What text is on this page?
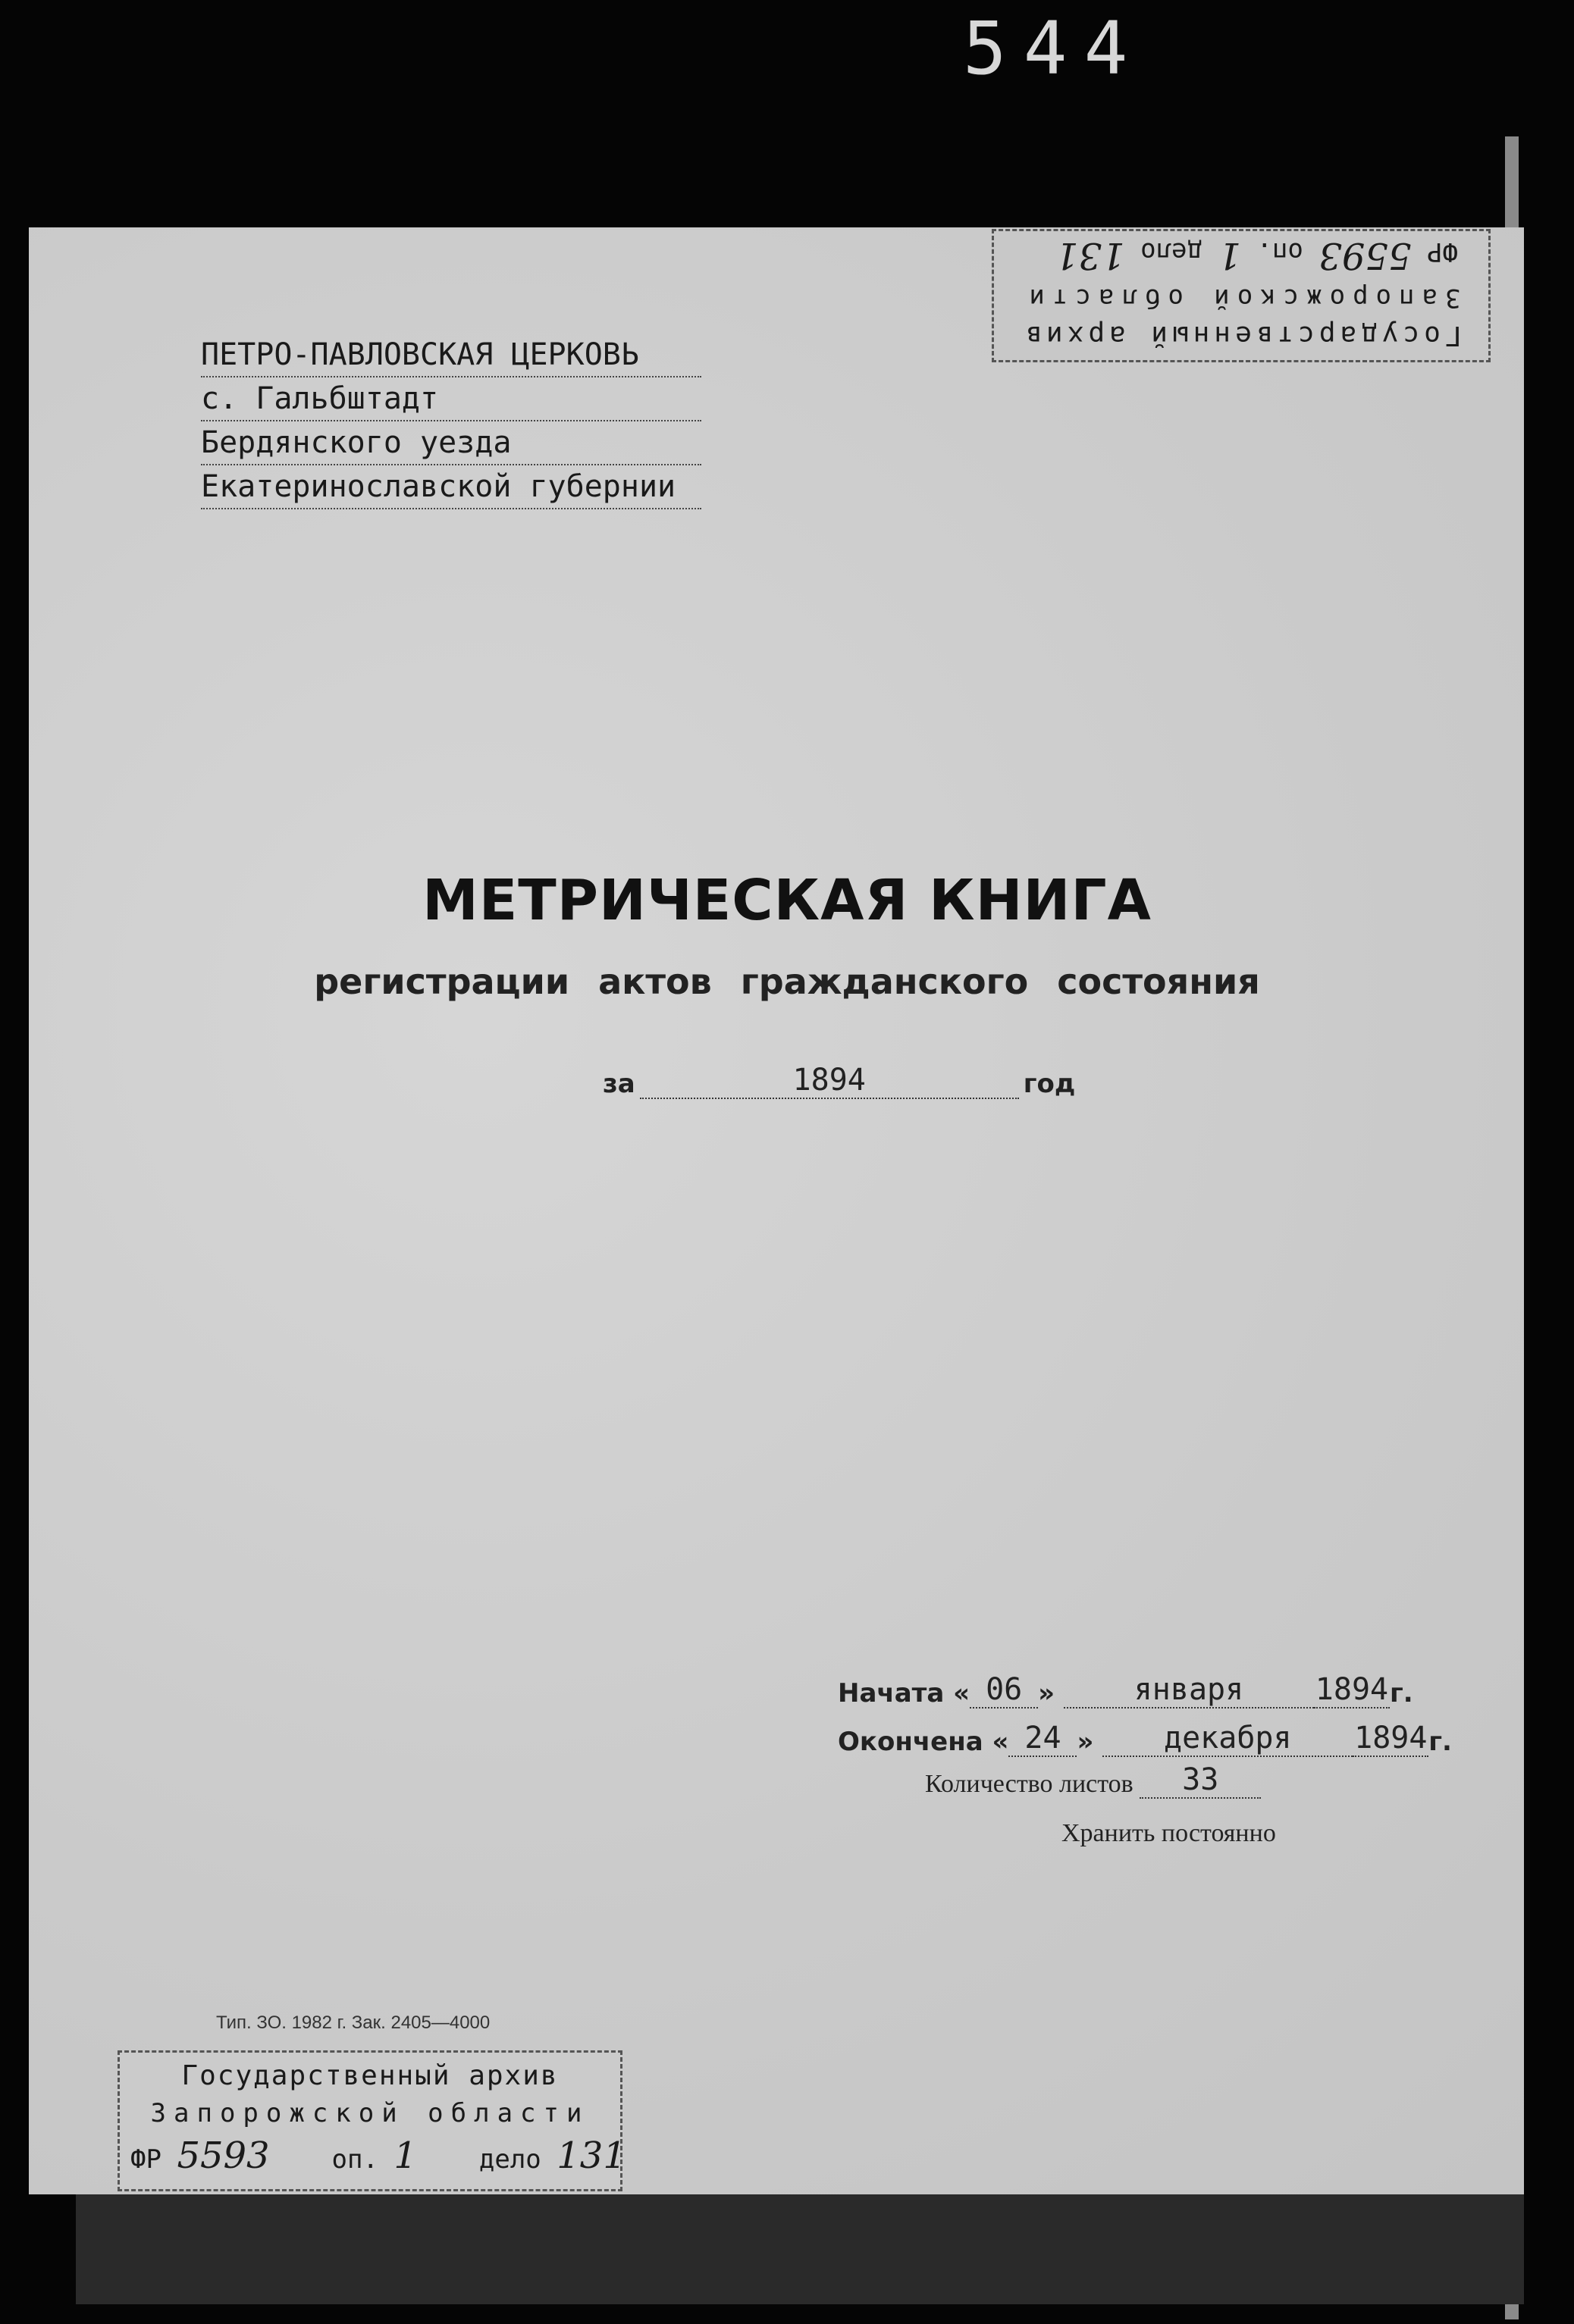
544
ПЕТРО-ПАВЛОВСКАЯ ЦЕРКОВЬ
с. Гальбштадт
Бердянского уезда
Екатеринославской губернии
Государственный архив
Запорожской области
ФР 5593 оп. 1 дело 131
МЕТРИЧЕСКАЯ КНИГА
регистрации актов гражданского состояния
за	1894	год
Начата « 06 »	января	1894 г.
Окончена « 24 »	декабря	1894 г.
Количество листов
	33
Хранить постоянно
Тип. ЗО. 1982 г. Зак. 2405—4000
Государственный архив
Запорожской области
ФР 5593 оп. 1 дело 131
